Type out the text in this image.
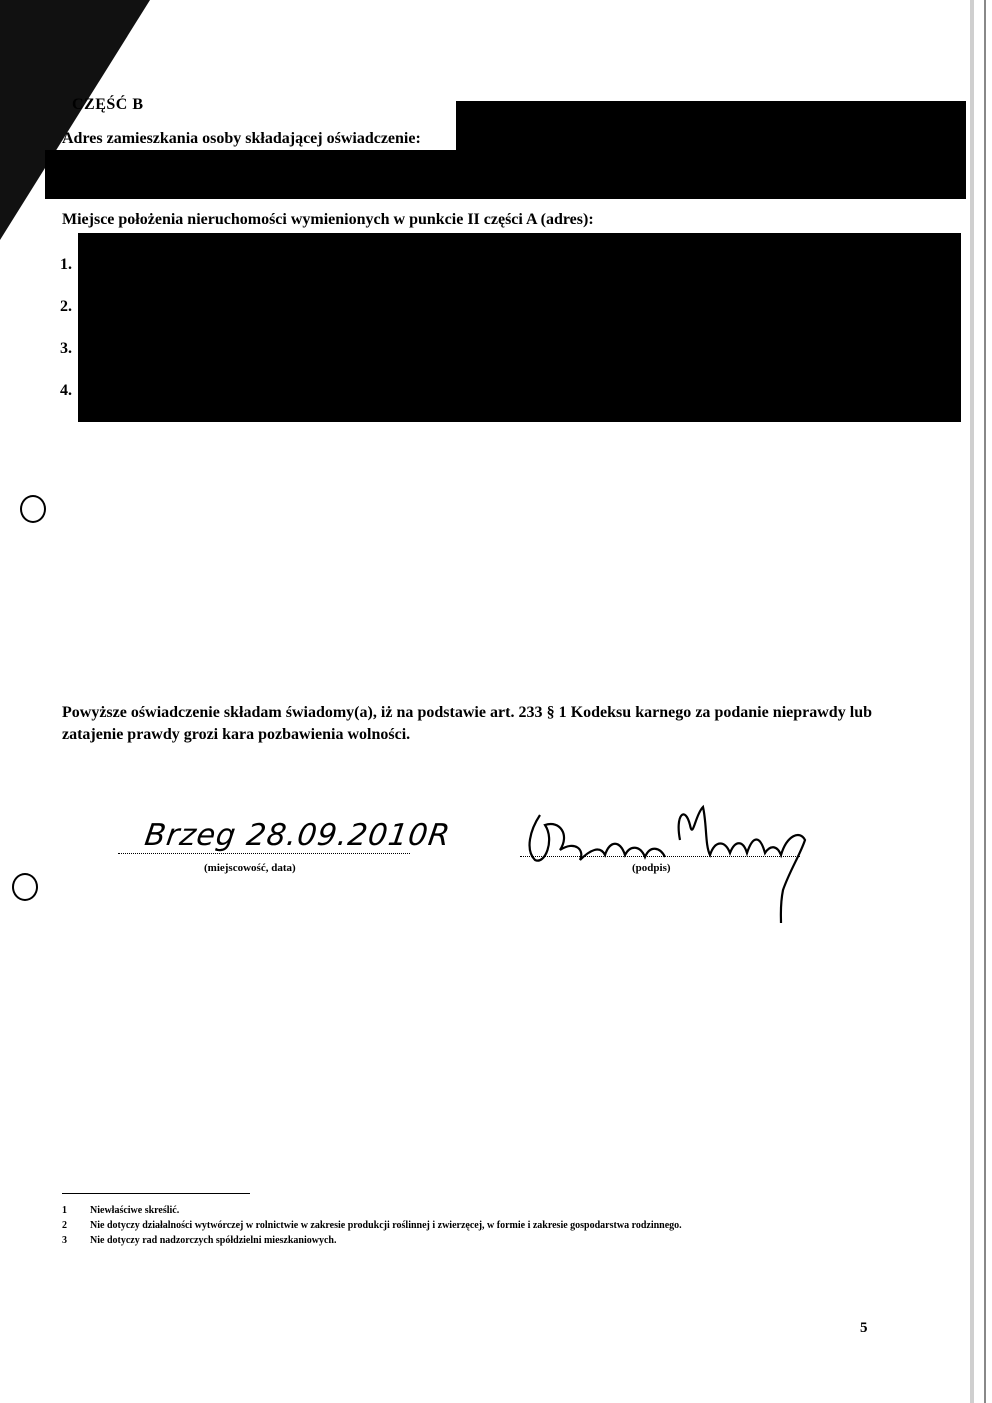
CZĘŚĆ B
Adres zamieszkania osoby składającej oświadczenie:
Miejsce położenia nieruchomości wymienionych w punkcie II części A (adres):
1.
2.
3.
4.
Powyższe oświadczenie składam świadomy(a), iż na podstawie art. 233 § 1 Kodeksu karnego za podanie nieprawdy lub zatajenie prawdy grozi kara pozbawienia wolności.
Brzeg 28.09.2010R
(miejscowość, data)	(podpis)
1 Niewłaściwe skreślić.
2 Nie dotyczy działalności wytwórczej w rolnictwie w zakresie produkcji roślinnej i zwierzęcej, w formie i zakresie gospodarstwa rodzinnego.
3 Nie dotyczy rad nadzorczych spółdzielni mieszkaniowych.
5
